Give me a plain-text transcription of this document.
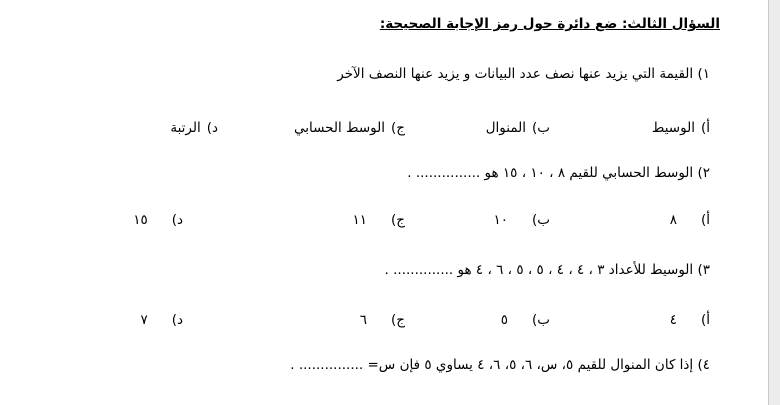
السؤال الثالث: ضع دائرة حول رمز الإجابة الصحيحة:
١) القيمة التي يزيد عنها نصف عدد البيانات و يزيد عنها النصف الآخر
أ)الوسيط
ب)المنوال
ج)الوسط الحسابي
د)الرتبة
٢) الوسط الحسابي للقيم ٨ ، ١٠ ، ١٥ هو ............... .
أ)٨
ب)١٠
ج)١١
د)١٥
٣) الوسيط للأعداد ٣ ، ٤ ، ٤ ، ٥ ، ٥ ، ٦ ، ٤ هو .............. .
أ)٤
ب)٥
ج)٦
د)٧
٤) إذا كان المنوال للقيم ٥، س، ٦، ٥، ٦، ٤ يساوي ٥ فإن س= ............... .
